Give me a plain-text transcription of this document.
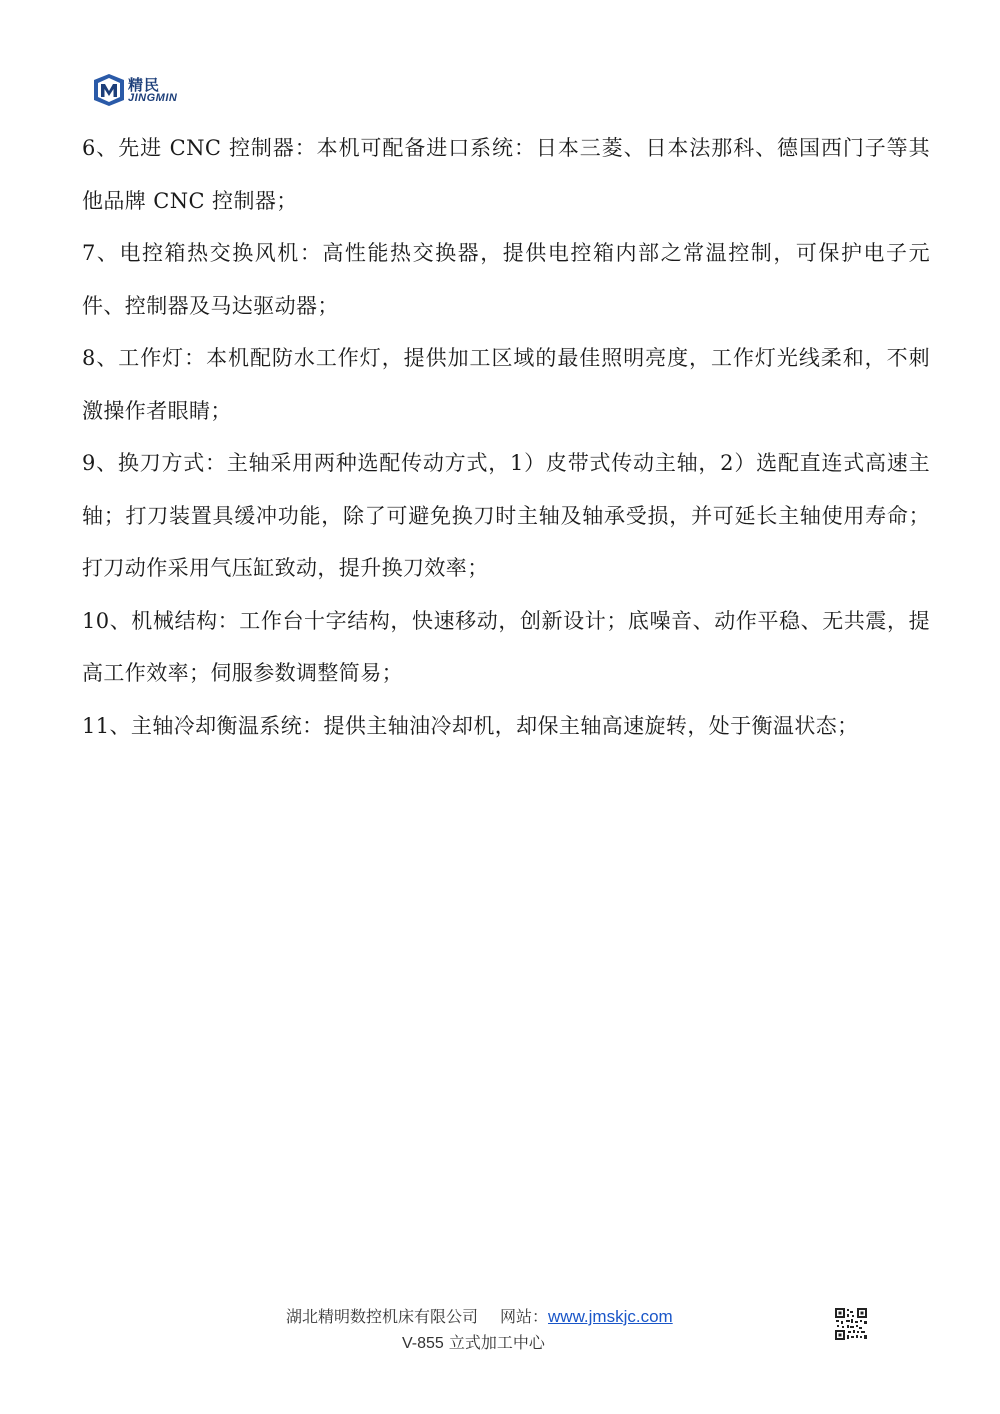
精民
JINGMIN

6、先进 CNC 控制器：本机可配备进口系统：日本三菱、日本法那科、德国西门子等其他品牌 CNC 控制器；

7、电控箱热交换风机：高性能热交换器，提供电控箱内部之常温控制，可保护电子元件、控制器及马达驱动器；

8、工作灯：本机配防水工作灯，提供加工区域的最佳照明亮度，工作灯光线柔和，不刺激操作者眼睛；

9、换刀方式：主轴采用两种选配传动方式，1）皮带式传动主轴，2）选配直连式高速主轴；打刀装置具缓冲功能，除了可避免换刀时主轴及轴承受损，并可延长主轴使用寿命；打刀动作采用气压缸致动，提升换刀效率；

10、机械结构：工作台十字结构，快速移动，创新设计；底噪音、动作平稳、无共震，提高工作效率；伺服参数调整简易；

11、主轴冷却衡温系统：提供主轴油冷却机，却保主轴高速旋转，处于衡温状态；

湖北精明数控机床有限公司 网站：www.jmskjc.com
V-855 立式加工中心
